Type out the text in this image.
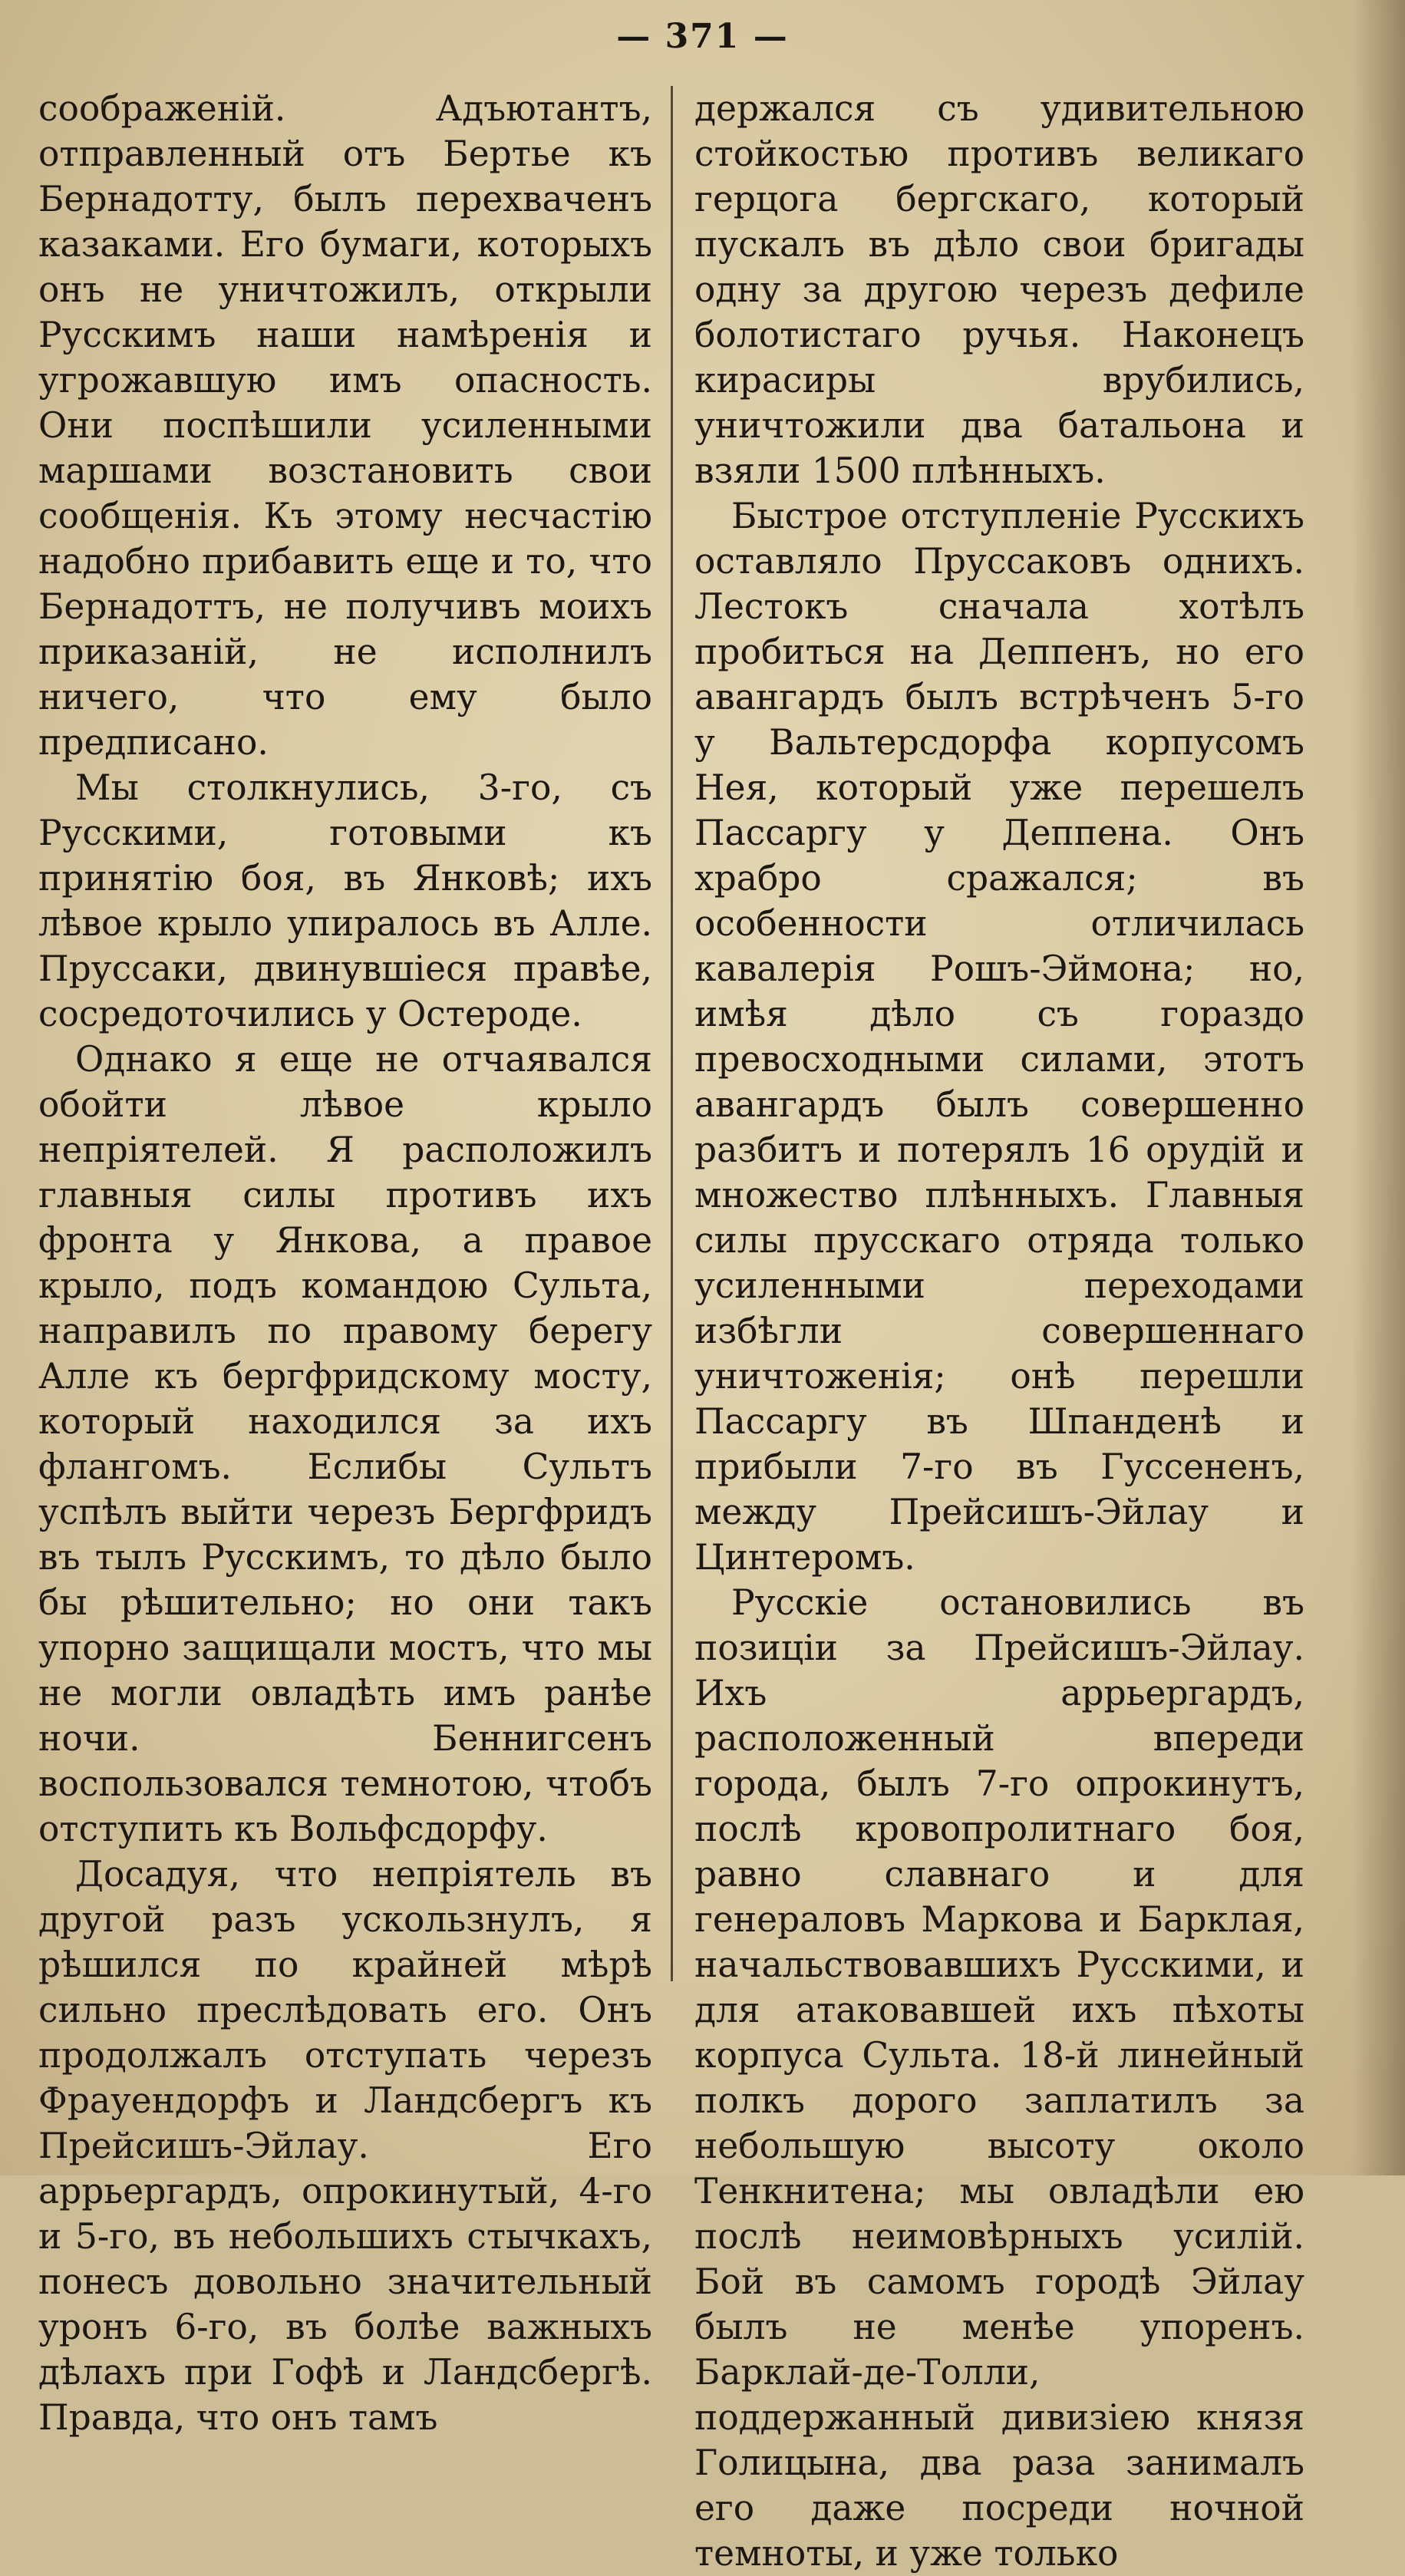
— 371 —

соображеній. Адъютантъ, отправленный отъ Бертье къ Бернадотту, былъ перехваченъ казаками. Его бумаги, которыхъ онъ не уничтожилъ, открыли Русскимъ наши намѣренія и угрожавшую имъ опасность. Они поспѣшили усиленными маршами возстановить свои сообщенія. Къ этому несчастію надобно прибавить еще и то, что Бернадоттъ, не получивъ моихъ приказаній, не исполнилъ ничего, что ему было предписано.

Мы столкнулись, 3-го, съ Русскими, готовыми къ принятію боя, въ Янковѣ; ихъ лѣвое крыло упиралось въ Алле. Пруссаки, двинувшіеся правѣе, сосредоточились у Остероде.

Однако я еще не отчаявался обойти лѣвое крыло непріятелей. Я расположилъ главныя силы противъ ихъ фронта у Янкова, а правое крыло, подъ командою Сульта, направилъ по правому берегу Алле къ бергфридскому мосту, который находился за ихъ флангомъ. Еслибы Сультъ успѣлъ выйти черезъ Бергфридъ въ тылъ Русскимъ, то дѣло было бы рѣшительно; но они такъ упорно защищали мостъ, что мы не могли овладѣть имъ ранѣе ночи. Беннигсенъ воспользовался темнотою, чтобъ отступить къ Вольфсдорфу.

Досадуя, что непріятель въ другой разъ ускользнулъ, я рѣшился по крайней мѣрѣ сильно преслѣдовать его. Онъ продолжалъ отступать черезъ Фрауендорфъ и Ландсбергъ къ Прейсишъ-Эйлау. Его аррьергардъ, опрокинутый, 4-го и 5-го, въ небольшихъ стычкахъ, понесъ довольно значительный уронъ 6-го, въ болѣе важныхъ дѣлахъ при Гофѣ и Ландсбергѣ. Правда, что онъ тамъ

держался съ удивительною стойкостью противъ великаго герцога бергскаго, который пускалъ въ дѣло свои бригады одну за другою черезъ дефиле болотистаго ручья. Наконецъ кирасиры врубились, уничтожили два батальона и взяли 1500 плѣнныхъ.

Быстрое отступленіе Русскихъ оставляло Пруссаковъ однихъ. Лестокъ сначала хотѣлъ пробиться на Деппенъ, но его авангардъ былъ встрѣченъ 5-го у Вальтерсдорфа корпусомъ Нея, который уже перешелъ Пассаргу у Деппена. Онъ храбро сражался; въ особенности отличилась кавалерія Рошъ-Эймона; но, имѣя дѣло съ гораздо превосходными силами, этотъ авангардъ былъ совершенно разбитъ и потерялъ 16 орудій и множество плѣнныхъ. Главныя силы прусскаго отряда только усиленными переходами избѣгли совершеннаго уничтоженія; онѣ перешли Пассаргу въ Шпанденѣ и прибыли 7-го въ Гуссененъ, между Прейсишъ-Эйлау и Цинтеромъ.

Русскіе остановились въ позиціи за Прейсишъ-Эйлау. Ихъ аррьергардъ, расположенный впереди города, былъ 7-го опрокинутъ, послѣ кровопролитнаго боя, равно славнаго и для генераловъ Маркова и Барклая, начальствовавшихъ Русскими, и для атаковавшей ихъ пѣхоты корпуса Сульта. 18-й линейный полкъ дорого заплатилъ за небольшую высоту около Тенкнитена; мы овладѣли ею послѣ неимовѣрныхъ усилій. Бой въ самомъ городѣ Эйлау былъ не менѣе упоренъ. Барклай-де-Толли, поддержанный дивизіею князя Голицына, два раза занималъ его даже посреди ночной темноты, и уже только
